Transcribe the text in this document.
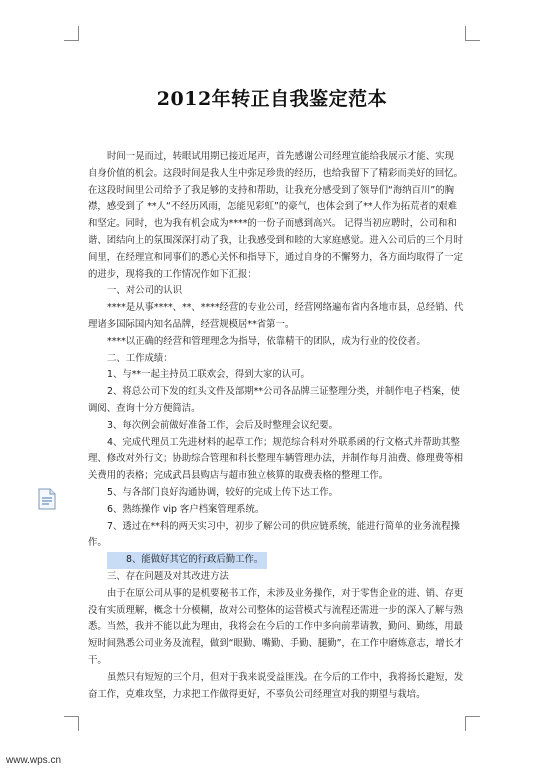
2012年转正自我鉴定范本

时间一晃而过，转眼试用期已接近尾声，首先感谢公司经理宣能给我展示才能、实现

自身价值的机会。这段时间是我人生中弥足珍贵的经历，也给我留下了精彩而美好的回忆。

在这段时间里公司给予了我足够的支持和帮助，让我充分感受到了领导们“海纳百川”的胸

襟，感受到了 **人“不经历风雨，怎能见彩虹”的豪气，也体会到了**人作为拓荒者的艰难

和坚定。同时，也为我有机会成为****的一份子而感到高兴。 记得当初应聘时，公司和和

谐、团结向上的氛围深深打动了我，让我感受到和睦的大家庭感觉。进入公司后的三个月时

间里，在经理宣和同事们的悉心关怀和指导下，通过自身的不懈努力，各方面均取得了一定

的进步，现将我的工作情况作如下汇报：

一、对公司的认识

****是从事****、**、****经营的专业公司，经营网络遍布省内各地市县，总经销、代

理诸多国际国内知名品牌，经营规模居**省第一。

****以正确的经营和管理理念为指导，依靠精干的团队，成为行业的佼佼者。

二、工作成绩：

1、与**一起主持员工联欢会，得到大家的认可。

2、将总公司下发的红头文件及部期**公司各品牌三证整理分类，并制作电子档案，使

调阅、查询十分方便简洁。

3、每次例会前做好准备工作，会后及时整理会议纪要。

4、完成代理员工先进材料的起草工作；规范综合科对外联系函的行文格式并帮助其整

理、修改对外行文；协助综合管理和科长整理车辆管理办法，并制作每月油费、修理费等相

关费用的表格；完成武昌县购店与超市独立核算的取费表格的整理工作。

5、与各部门良好沟通协调，较好的完成上传下达工作。

6、熟练操作 vip 客户档案管理系统。

7、透过在**科的两天实习中，初步了解公司的供应链系统，能进行简单的业务流程操

作。

8、能做好其它的行政后勤工作。

三、存在问题及对其改进方法

由于在原公司从事的是机要秘书工作，未涉及业务操作，对于零售企业的进、销、存更

没有实质理解，概念十分模糊，故对公司整体的运营模式与流程还需进一步的深入了解与熟

悉。当然，我并不能以此为理由，我将会在今后的工作中多向前辈请教，勤问、勤练，用最

短时间熟悉公司业务及流程，做到“眼勤、嘴勤、手勤、腿勤”，在工作中磨炼意志，增长才

干。

虽然只有短短的三个月，但对于我来说受益匪浅。在今后的工作中，我将扬长避短，发

奋工作，克难攻坚，力求把工作做得更好，不辜负公司经理宣对我的期望与栽培。

www.wps.cn
